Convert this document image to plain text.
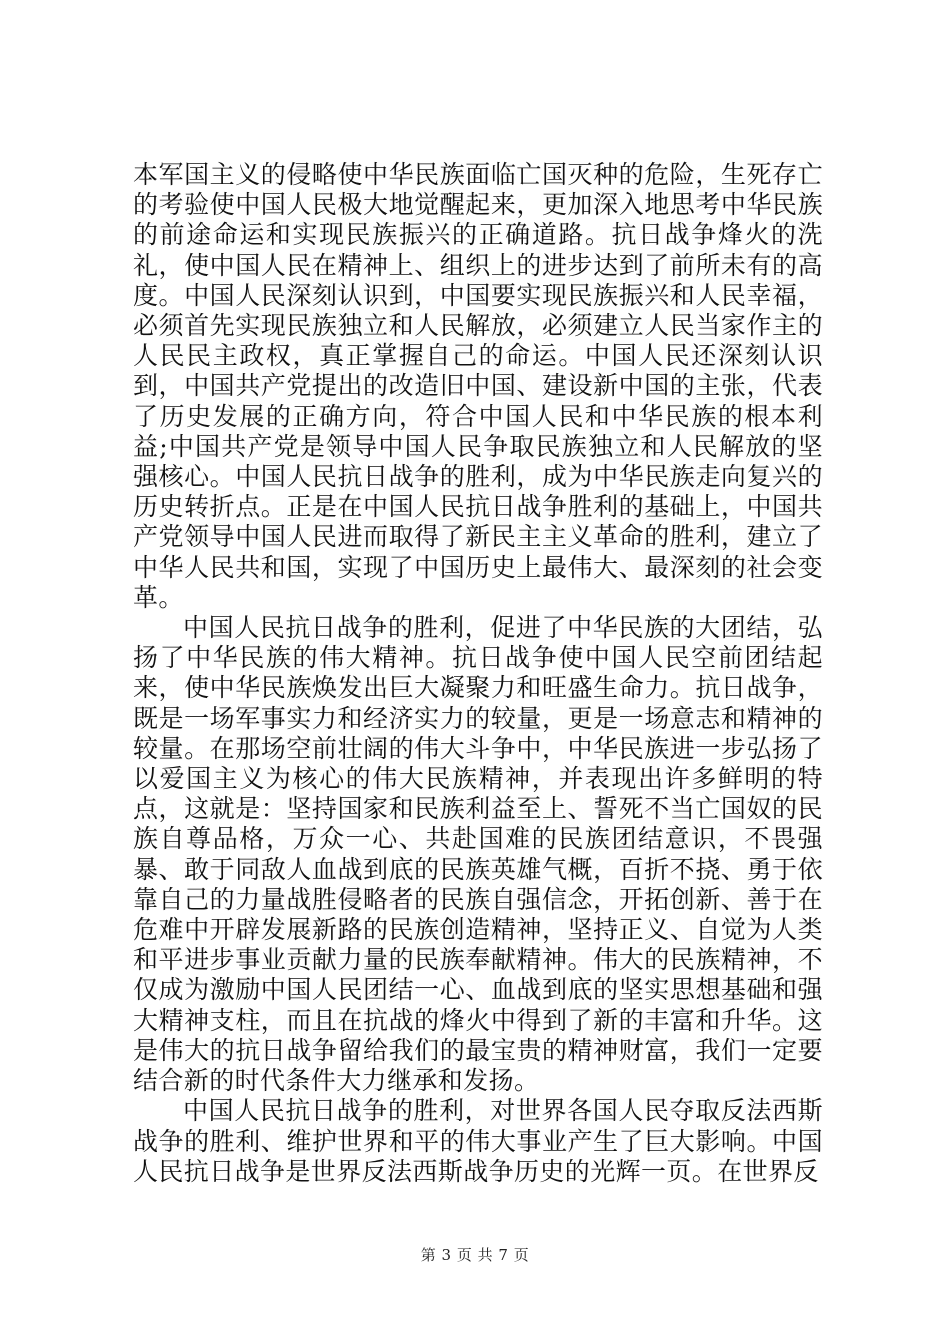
本军国主义的侵略使中华民族面临亡国灭种的危险，生死存亡的考验使中国人民极大地觉醒起来，更加深入地思考中华民族的前途命运和实现民族振兴的正确道路。抗日战争烽火的洗礼，使中国人民在精神上、组织上的进步达到了前所未有的高度。中国人民深刻认识到，中国要实现民族振兴和人民幸福，必须首先实现民族独立和人民解放，必须建立人民当家作主的人民民主政权，真正掌握自己的命运。中国人民还深刻认识到，中国共产党提出的改造旧中国、建设新中国的主张，代表了历史发展的正确方向，符合中国人民和中华民族的根本利益;中国共产党是领导中国人民争取民族独立和人民解放的坚强核心。中国人民抗日战争的胜利，成为中华民族走向复兴的历史转折点。正是在中国人民抗日战争胜利的基础上，中国共产党领导中国人民进而取得了新民主主义革命的胜利，建立了中华人民共和国，实现了中国历史上最伟大、最深刻的社会变革。

中国人民抗日战争的胜利，促进了中华民族的大团结，弘扬了中华民族的伟大精神。抗日战争使中国人民空前团结起来，使中华民族焕发出巨大凝聚力和旺盛生命力。抗日战争，既是一场军事实力和经济实力的较量，更是一场意志和精神的较量。在那场空前壮阔的伟大斗争中，中华民族进一步弘扬了以爱国主义为核心的伟大民族精神，并表现出许多鲜明的特点，这就是：坚持国家和民族利益至上、誓死不当亡国奴的民族自尊品格，万众一心、共赴国难的民族团结意识，不畏强暴、敢于同敌人血战到底的民族英雄气概，百折不挠、勇于依靠自己的力量战胜侵略者的民族自强信念，开拓创新、善于在危难中开辟发展新路的民族创造精神，坚持正义、自觉为人类和平进步事业贡献力量的民族奉献精神。伟大的民族精神，不仅成为激励中国人民团结一心、血战到底的坚实思想基础和强大精神支柱，而且在抗战的烽火中得到了新的丰富和升华。这是伟大的抗日战争留给我们的最宝贵的精神财富，我们一定要结合新的时代条件大力继承和发扬。

中国人民抗日战争的胜利，对世界各国人民夺取反法西斯战争的胜利、维护世界和平的伟大事业产生了巨大影响。中国人民抗日战争是世界反法西斯战争历史的光辉一页。在世界反

第 3 页 共 7 页
